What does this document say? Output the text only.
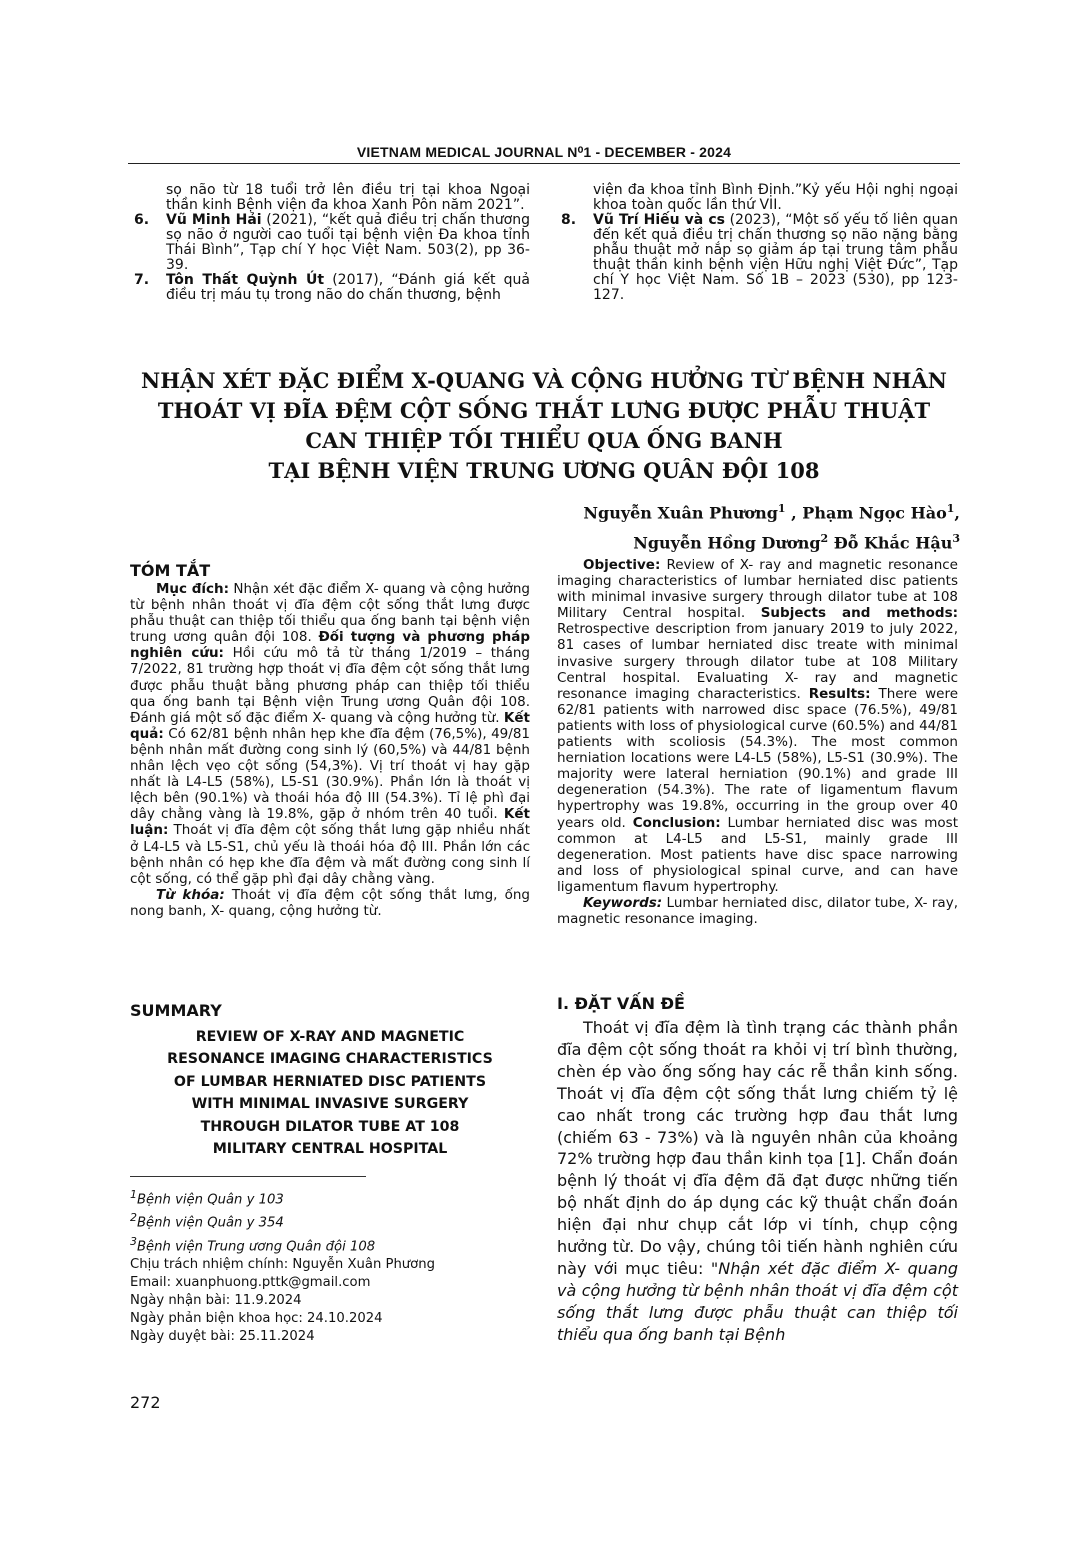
VIETNAM MEDICAL JOURNAL N⁰1 - DECEMBER - 2024
sọ não từ 18 tuổi trở lên điều trị tại khoa Ngoại thần kinh Bệnh viện đa khoa Xanh Pôn năm 2021”.
6. Vũ Minh Hải (2021), “kết quả điều trị chấn thương sọ não ở người cao tuổi tại bệnh viện Đa khoa tỉnh Thái Bình”, Tạp chí Y học Việt Nam. 503(2), pp 36-39.
7. Tôn Thất Quỳnh Út (2017), “Đánh giá kết quả điều trị máu tụ trong não do chấn thương, bệnh
viện đa khoa tỉnh Bình Định.”Kỷ yếu Hội nghị ngoại khoa toàn quốc lần thứ VII.
8. Vũ Trí Hiếu và cs (2023), “Một số yếu tố liên quan đến kết quả điều trị chấn thương sọ não nặng bằng phẫu thuật mở nắp sọ giảm áp tại trung tâm phẫu thuật thần kinh bệnh viện Hữu nghị Việt Đức”, Tạp chí Y học Việt Nam. Số 1B – 2023 (530), pp 123-127.
NHẬN XÉT ĐẶC ĐIỂM X-QUANG VÀ CỘNG HƯỞNG TỪ BỆNH NHÂN
THOÁT VỊ ĐĨA ĐỆM CỘT SỐNG THẮT LƯNG ĐƯỢC PHẪU THUẬT
CAN THIỆP TỐI THIỂU QUA ỐNG BANH
TẠI BỆNH VIỆN TRUNG ƯƠNG QUÂN ĐỘI 108
Nguyễn Xuân Phương$^1$ , Phạm Ngọc Hào$^1$,
Nguyễn Hồng Dương$^2$ Đỗ Khắc Hậu$^3$
TÓM TẮT
Mục đích: Nhận xét đặc điểm X- quang và cộng hưởng từ bệnh nhân thoát vị đĩa đệm cột sống thắt lưng được phẫu thuật can thiệp tối thiểu qua ống banh tại bệnh viện trung ương quân đội 108. Đối tượng và phương pháp nghiên cứu: Hồi cứu mô tả từ tháng 1/2019 – tháng 7/2022, 81 trường hợp thoát vị đĩa đệm cột sống thắt lưng được phẫu thuật bằng phương pháp can thiệp tối thiểu qua ống banh tại Bệnh viện Trung ương Quân đội 108. Đánh giá một số đặc điểm X- quang và cộng hưởng từ. Kết quả: Có 62/81 bệnh nhân hẹp khe đĩa đệm (76,5%), 49/81 bệnh nhân mất đường cong sinh lý (60,5%) và 44/81 bệnh nhân lệch vẹo cột sống (54,3%). Vị trí thoát vị hay gặp nhất là L4-L5 (58%), L5-S1 (30.9%). Phần lớn là thoát vị lệch bên (90.1%) và thoái hóa độ III (54.3%). Tỉ lệ phì đại dây chằng vàng là 19.8%, gặp ở nhóm trên 40 tuổi. Kết luận: Thoát vị đĩa đệm cột sống thắt lưng gặp nhiều nhất ở L4-L5 và L5-S1, chủ yếu là thoái hóa độ III. Phần lớn các bệnh nhân có hẹp khe đĩa đệm và mất đường cong sinh lí cột sống, có thể gặp phì đại dây chằng vàng.
Từ khóa: Thoát vị đĩa đệm cột sống thắt lưng, ống nong banh, X- quang, cộng hưởng từ.
SUMMARY
REVIEW OF X-RAY AND MAGNETIC
RESONANCE IMAGING CHARACTERISTICS
OF LUMBAR HERNIATED DISC PATIENTS
WITH MINIMAL INVASIVE SURGERY
THROUGH DILATOR TUBE AT 108
MILITARY CENTRAL HOSPITAL
$^1$Bệnh viện Quân y 103
$^2$Bệnh viện Quân y 354
$^3$Bệnh viện Trung ương Quân đội 108
Chịu trách nhiệm chính: Nguyễn Xuân Phương
Email: xuanphuong.pttk@gmail.com
Ngày nhận bài: 11.9.2024
Ngày phản biện khoa học: 24.10.2024
Ngày duyệt bài: 25.11.2024
272
Objective: Review of X- ray and magnetic resonance imaging characteristics of lumbar herniated disc patients with minimal invasive surgery through dilator tube at 108 Military Central hospital. Subjects and methods: Retrospective description from january 2019 to july 2022, 81 cases of lumbar herniated disc treate with minimal invasive surgery through dilator tube at 108 Military Central hospital. Evaluating X- ray and magnetic resonance imaging characteristics. Results: There were 62/81 patients with narrowed disc space (76.5%), 49/81 patients with loss of physiological curve (60.5%) and 44/81 patients with scoliosis (54.3%). The most common herniation locations were L4-L5 (58%), L5-S1 (30.9%). The majority were lateral herniation (90.1%) and grade III degeneration (54.3%). The rate of ligamentum flavum hypertrophy was 19.8%, occurring in the group over 40 years old. Conclusion: Lumbar herniated disc was most common at L4-L5 and L5-S1, mainly grade III degeneration. Most patients have disc space narrowing and loss of physiological spinal curve, and can have ligamentum flavum hypertrophy.
Keywords: Lumbar herniated disc, dilator tube, X- ray, magnetic resonance imaging.
I. ĐẶT VẤN ĐỀ
Thoát vị đĩa đệm là tình trạng các thành phần đĩa đệm cột sống thoát ra khỏi vị trí bình thường, chèn ép vào ống sống hay các rễ thần kinh sống. Thoát vị đĩa đệm cột sống thắt lưng chiếm tỷ lệ cao nhất trong các trường hợp đau thắt lưng (chiếm 63 - 73%) và là nguyên nhân của khoảng 72% trường hợp đau thần kinh tọa [1]. Chẩn đoán bệnh lý thoát vị đĩa đệm đã đạt được những tiến bộ nhất định do áp dụng các kỹ thuật chẩn đoán hiện đại như chụp cắt lớp vi tính, chụp cộng hưởng từ. Do vậy, chúng tôi tiến hành nghiên cứu này với mục tiêu: "Nhận xét đặc điểm X- quang và cộng hưởng từ bệnh nhân thoát vị đĩa đệm cột sống thắt lưng được phẫu thuật can thiệp tối thiểu qua ống banh tại Bệnh
